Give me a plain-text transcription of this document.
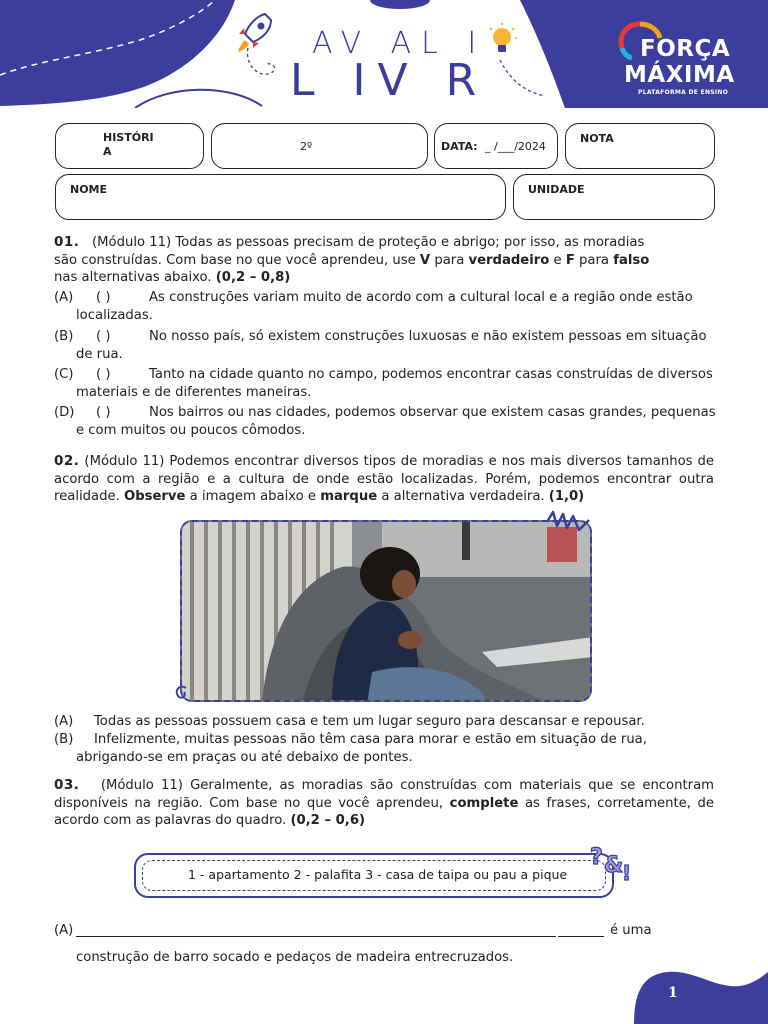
AV AL I
L IV R
FORÇA
MÁXIMA
PLATAFORMA DE ENSINO
HISTÓRI
A	2º	DATA: _ /___/2024
NOTA
NOME	UNIDADE
01. (Módulo 11) Todas as pessoas precisam de proteção e abrigo; por isso, as moradias são construídas. Com base no que você aprendeu, use V para verdadeiro e F para falso nas alternativas abaixo. (0,2 – 0,8)
(A) ( )	As construções variam muito de acordo com a cultural local e a região onde estão
localizadas.
(B) ( )	No nosso país, só existem construções luxuosas e não existem pessoas em situação
de rua.
(C) ( )	Tanto na cidade quanto no campo, podemos encontrar casas construídas de diversos
materiais e de diferentes maneiras.
(D) ( )	Nos bairros ou nas cidades, podemos observar que existem casas grandes, pequenas
e com muitos ou poucos cômodos.
02. (Módulo 11) Podemos encontrar diversos tipos de moradias e nos mais diversos tamanhos de acordo com a região e a cultura de onde estão localizadas. Porém, podemos encontrar outra realidade. Observe a imagem abaixo e marque a alternativa verdadeira. (1,0)
(A) Todas as pessoas possuem casa e tem um lugar seguro para descansar e repousar.
(B) Infelizmente, muitas pessoas não têm casa para morar e estão em situação de rua,
abrigando-se em praças ou até debaixo de pontes.
03. (Módulo 11) Geralmente, as moradias são construídas com materiais que se encontram disponíveis na região. Com base no que você aprendeu, complete as frases, corretamente, de acordo com as palavras do quadro. (0,2 – 0,6)
1 - apartamento 2 - palafita 3 - casa de taipa ou pau a pique
? &
!
(A)	é uma
construção de barro socado e pedaços de madeira entrecruzados.
1
